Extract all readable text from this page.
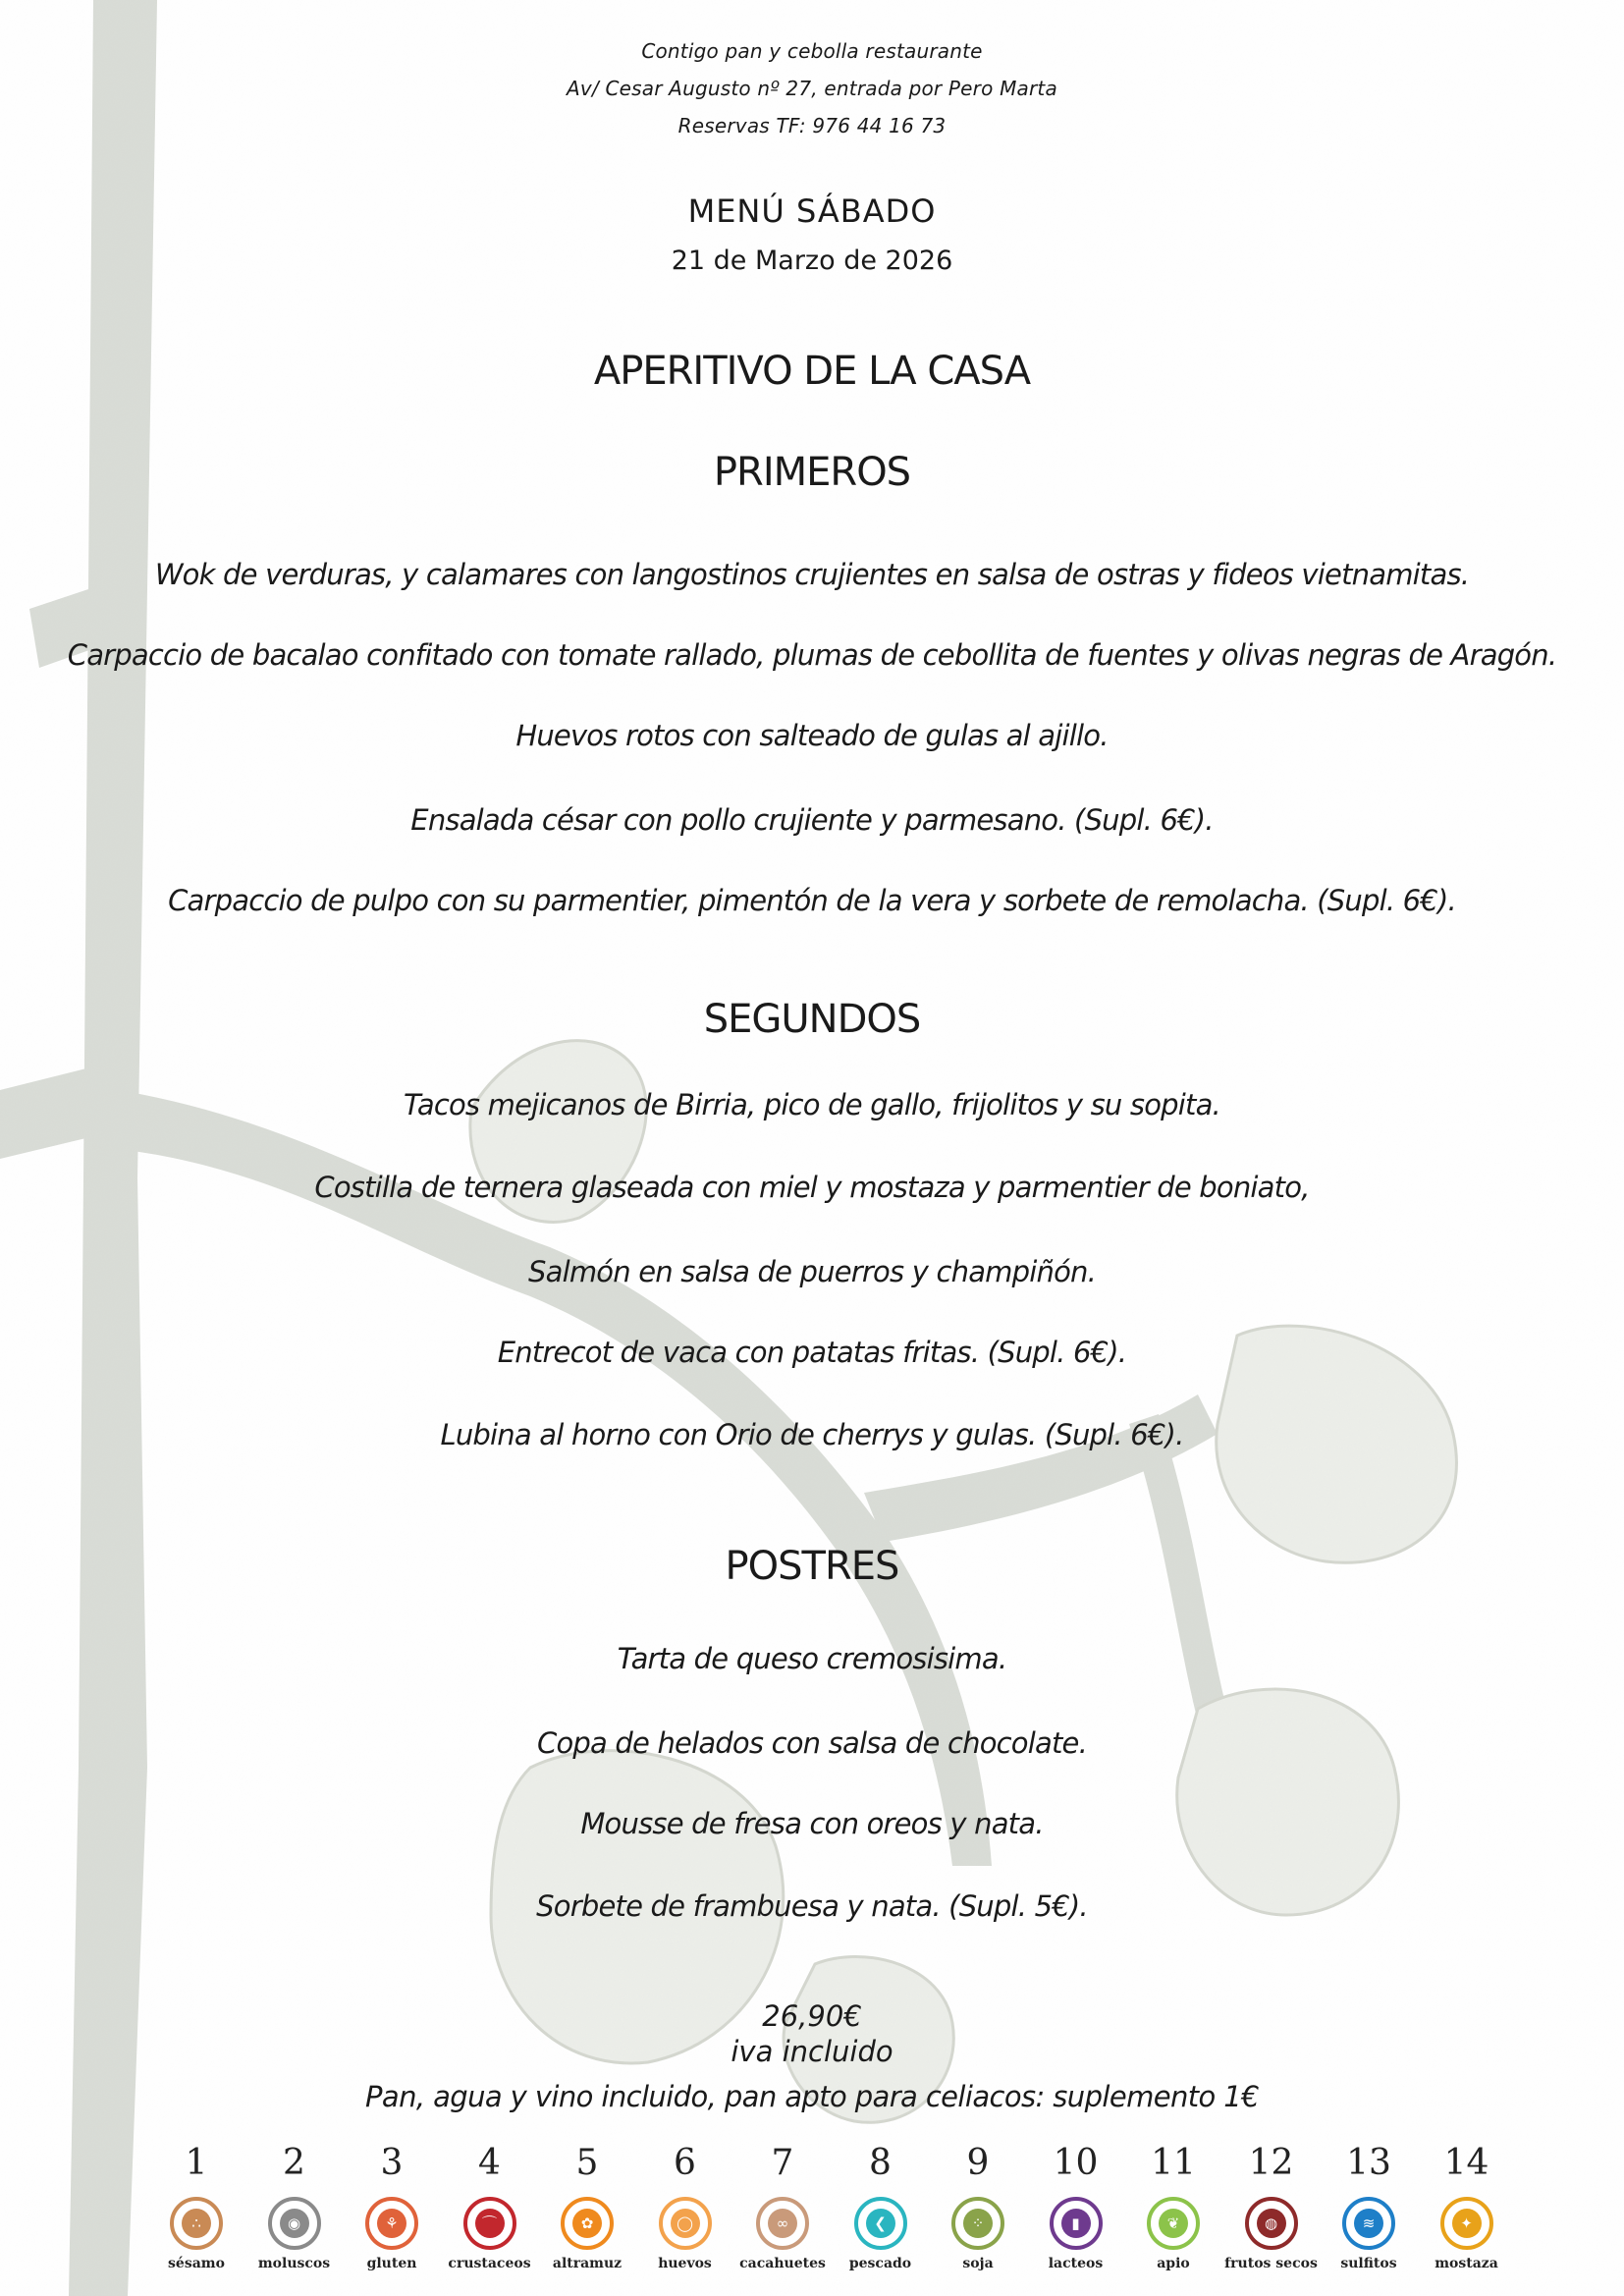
Contigo pan y cebolla restaurante
Av/ Cesar Augusto nº 27, entrada por Pero Marta
Reservas TF: 976 44 16 73
MENÚ SÁBADO
21 de Marzo de 2026
APERITIVO DE LA CASA
PRIMEROS
Wok de verduras, y calamares con langostinos crujientes en salsa de ostras y fideos vietnamitas.
Carpaccio de bacalao confitado con tomate rallado, plumas de cebollita de fuentes y olivas negras de Aragón.
Huevos rotos con salteado de gulas al ajillo.
Ensalada césar con pollo crujiente y parmesano. (Supl. 6€).
Carpaccio de pulpo con su parmentier, pimentón de la vera y sorbete de remolacha. (Supl. 6€).
SEGUNDOS
Tacos mejicanos de Birria, pico de gallo, frijolitos y su sopita.
Costilla de ternera glaseada con miel y mostaza y parmentier de boniato,
Salmón en salsa de puerros y champiñón.
Entrecot de vaca con patatas fritas. (Supl. 6€).
Lubina al horno con Orio de cherrys y gulas. (Supl. 6€).
POSTRES
Tarta de queso cremosisima.
Copa de helados con salsa de chocolate.
Mousse de fresa con oreos y nata.
Sorbete de frambuesa y nata. (Supl. 5€).
26,90€
iva incluido
Pan, agua y vino incluido, pan apto para celiacos: suplemento 1€
1
∴
sésamo
2
◉
moluscos
3
⚘
gluten
4
⌒
crustaceos
5
✿
altramuz
6
◯
huevos
7
∞
cacahuetes
8
❮
pescado
9
⁘
soja
10
▮
lacteos
11
❦
apio
12
◍
frutos secos
13
≋
sulfitos
14
✦
mostaza
